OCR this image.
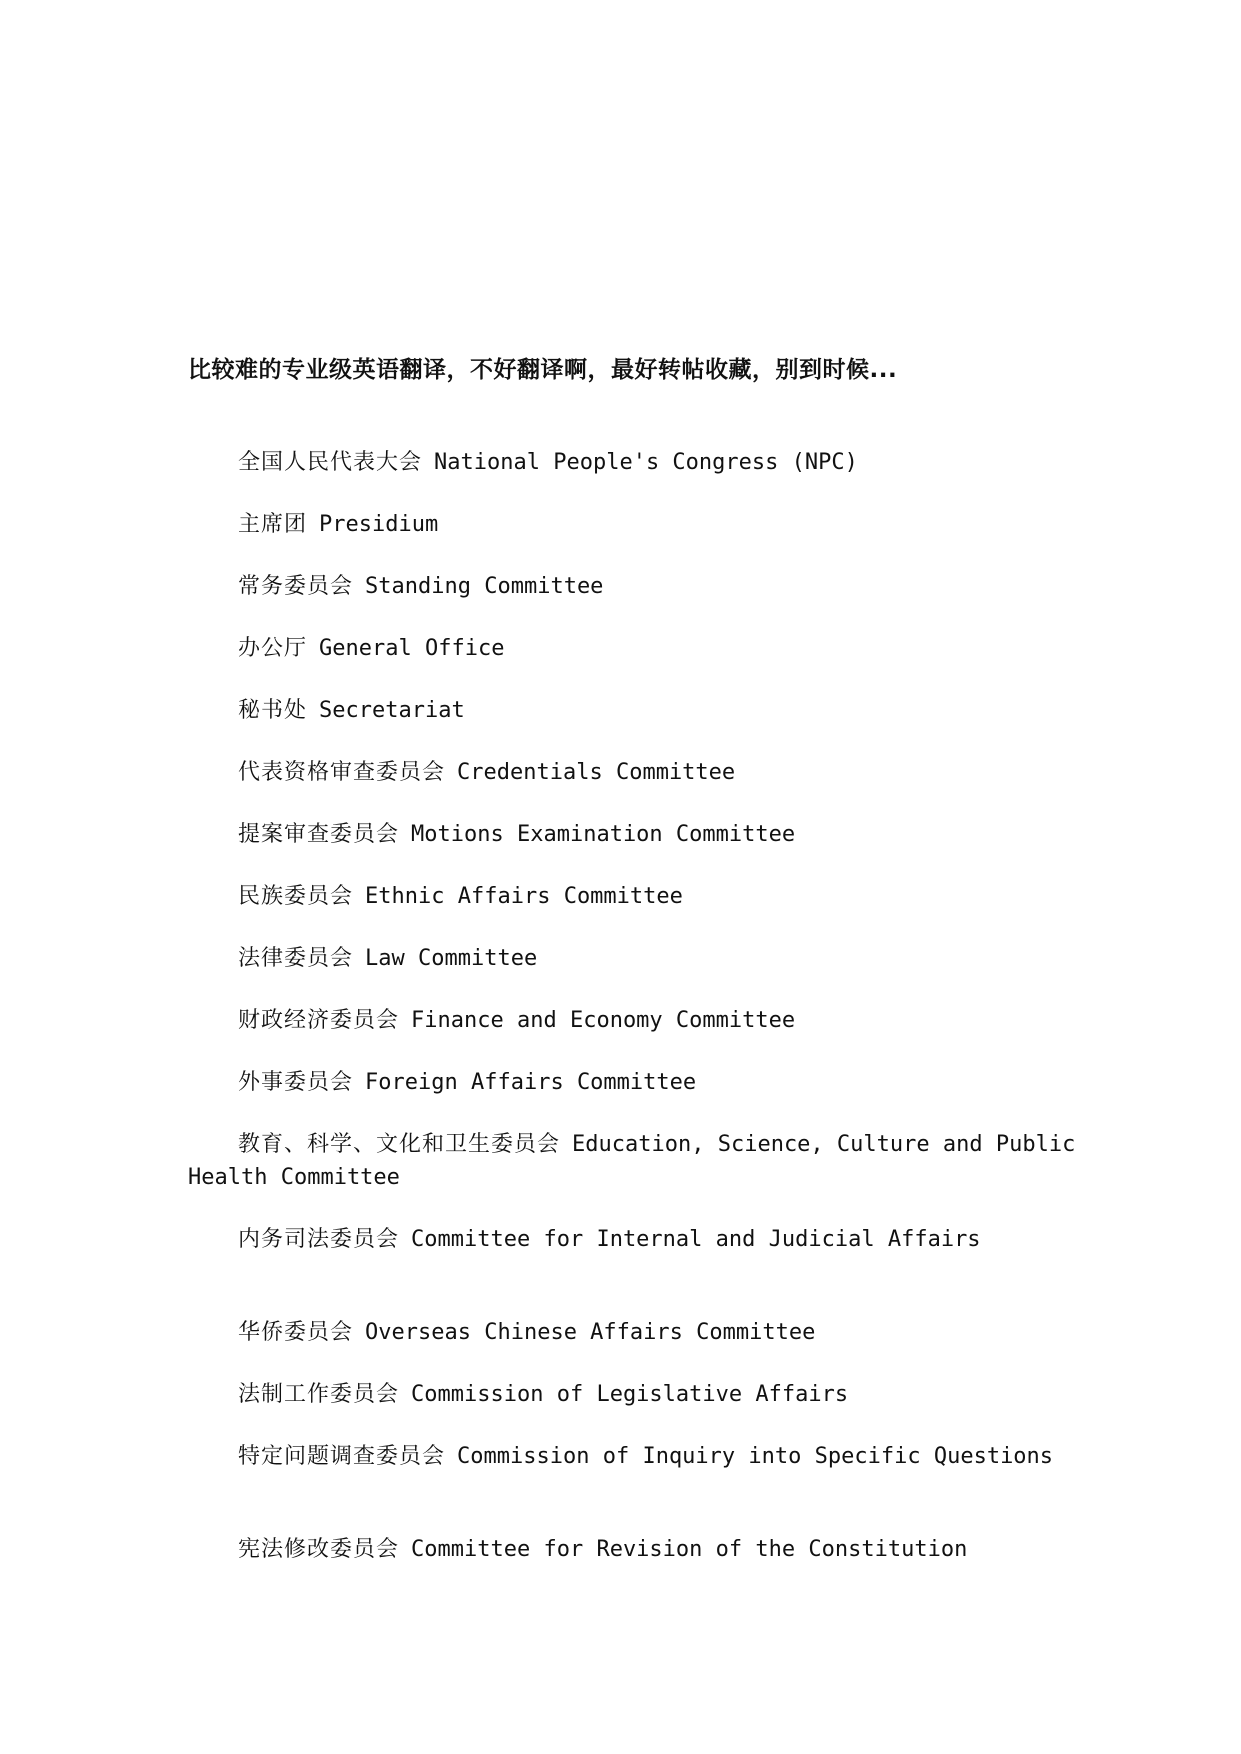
比较难的专业级英语翻译，不好翻译啊，最好转帖收藏，别到时候...
全国人民代表大会 National People's Congress (NPC)
主席团 Presidium
常务委员会 Standing Committee
办公厅 General Office
秘书处 Secretariat
代表资格审查委员会 Credentials Committee
提案审查委员会 Motions Examination Committee
民族委员会 Ethnic Affairs Committee
法律委员会 Law Committee
财政经济委员会 Finance and Economy Committee
外事委员会 Foreign Affairs Committee
教育、科学、文化和卫生委员会 Education, Science, Culture and Public Health Committee
内务司法委员会 Committee for Internal and Judicial Affairs
华侨委员会 Overseas Chinese Affairs Committee
法制工作委员会 Commission of Legislative Affairs
特定问题调查委员会 Commission of Inquiry into Specific Questions
宪法修改委员会 Committee for Revision of the Constitution
